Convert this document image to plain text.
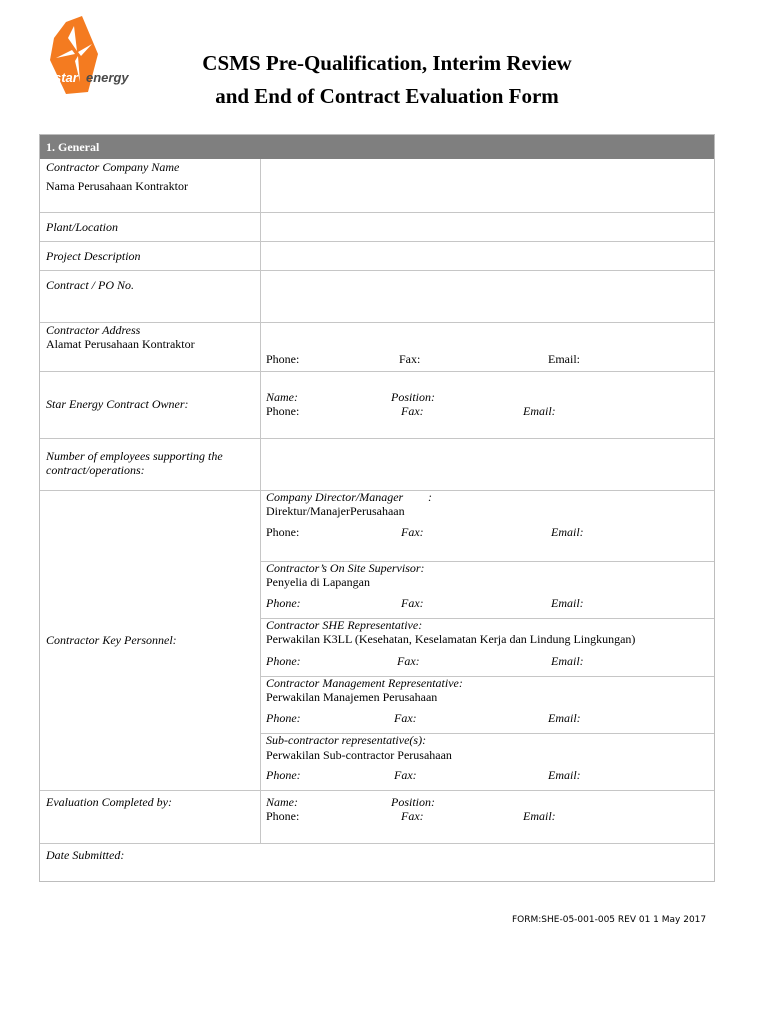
star energy
CSMS Pre-Qualification, Interim Review
and End of Contract Evaluation Form
1. General
Contractor Company Name
Nama Perusahaan Kontraktor
Plant/Location
Project Description
Contract / PO No.
Contractor Address
Alamat Perusahaan Kontraktor
Phone:	Fax:	Email:
Star Energy Contract Owner:	Name:	Position:
Phone:	Fax:	Email:
Number of employees supporting the
contract/operations:
Contractor Key Personnel:
Company Director/Manager :
Direktur/ManajerPerusahaan
Phone:	Fax:	Email:
Contractor’s On Site Supervisor:
Penyelia di Lapangan
Phone:	Fax:	Email:
Contractor SHE Representative:
Perwakilan K3LL (Kesehatan, Keselamatan Kerja dan Lindung Lingkungan)
Phone:	Fax:	Email:
Contractor Management Representative:
Perwakilan Manajemen Perusahaan
Phone:	Fax:	Email:
Sub-contractor representative(s):
Perwakilan Sub-contractor Perusahaan
Phone:	Fax:	Email:
Evaluation Completed by:	Name:	Position:
Phone:	Fax:	Email:
Date Submitted:
FORM:SHE-05-001-005 REV 01 1 May 2017
